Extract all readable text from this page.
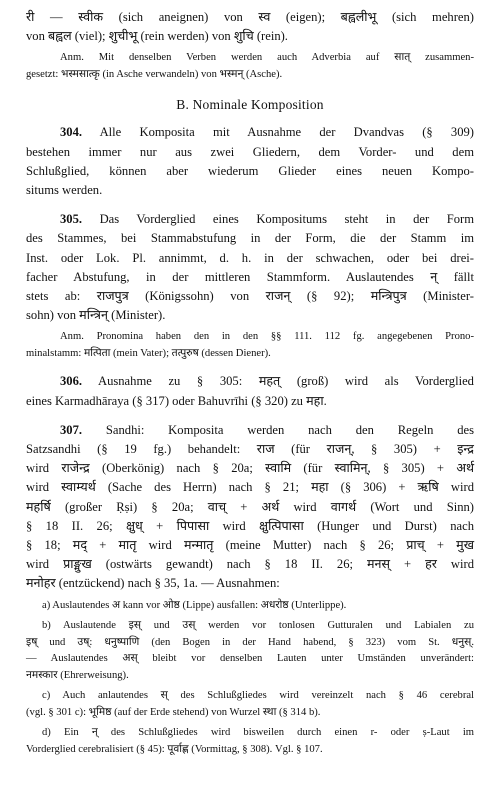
री — स्वीक (sich aneignen) von स्व (eigen); बह्वलीभू (sich mehren)
von बह्वल (viel); शुचीभू (rein werden) von शुचि (rein).
Anm. Mit denselben Verben werden auch Adverbia auf सात् zusammen-
gesetzt: भस्मसात्कृ (in Asche verwandeln) von भस्मन् (Asche).
B. Nominale Komposition
304. Alle Komposita mit Ausnahme der Dvandvas (§ 309)
bestehen immer nur aus zwei Gliedern, dem Vorder- und dem
Schlußglied, können aber wiederum Glieder eines neuen Kompo-
situms werden.
305. Das Vorderglied eines Kompositums steht in der Form
des Stammes, bei Stammabstufung in der Form, die der Stamm im
Inst. oder Lok. Pl. annimmt, d. h. in der schwachen, oder bei drei-
facher Abstufung, in der mittleren Stammform. Auslautendes न् fällt
stets ab: राजपुत्र (Königssohn) von राजन् (§ 92); मन्त्रिपुत्र (Minister-
sohn) von मन्त्रिन् (Minister).
Anm. Pronomina haben den in den §§ 111. 112 fg. angegebenen Prono-
minalstamm: मत्पिता (mein Vater); तत्पुरुष (dessen Diener).
306. Ausnahme zu § 305: महत् (groß) wird als Vorderglied
eines Karmadhāraya (§ 317) oder Bahuvrīhi (§ 320) zu महा.
307. Sandhi: Komposita werden nach den Regeln des
Satzsandhi (§ 19 fg.) behandelt: राज (für राजन्, § 305) + इन्द्र
wird राजेन्द्र (Oberkönig) nach § 20a; स्वामि (für स्वामिन्, § 305) + अर्थ
wird स्वाम्यर्थ (Sache des Herrn) nach § 21; महा (§ 306) + ऋषि wird
महर्षि (großer Ṛṣi) § 20a; वाच् + अर्थ wird वागर्थ (Wort und Sinn)
§ 18 II. 26; क्षुध् + पिपासा wird क्षुत्पिपासा (Hunger und Durst) nach
§ 18; मद् + मातृ wird मन्मातृ (meine Mutter) nach § 26; प्राच् + मुख
wird प्राङ्मुख (ostwärts gewandt) nach § 18 II. 26; मनस् + हर wird
मनोहर (entzückend) nach § 35, 1a. — Ausnahmen:
a) Auslautendes अ kann vor ओष्ठ (Lippe) ausfallen: अधरोष्ठ (Unterlippe).
b) Auslautende इस् und उस् werden vor tonlosen Gutturalen und Labialen zu
इष् und उष्: धनुष्पाणि (den Bogen in der Hand habend, § 323) vom St. धनुस्.
— Auslautendes अस् bleibt vor denselben Lauten unter Umständen unverändert:
नमस्कार (Ehrerweisung).
c) Auch anlautendes स् des Schlußgliedes wird vereinzelt nach § 46 cerebral
(vgl. § 301 c): भूमिष्ठ (auf der Erde stehend) von Wurzel स्था (§ 314 b).
d) Ein न् des Schlußgliedes wird bisweilen durch einen r- oder ṣ-Laut im
Vorderglied cerebralisiert (§ 45): पूर्वाह्ण (Vormittag, § 308). Vgl. § 107.
